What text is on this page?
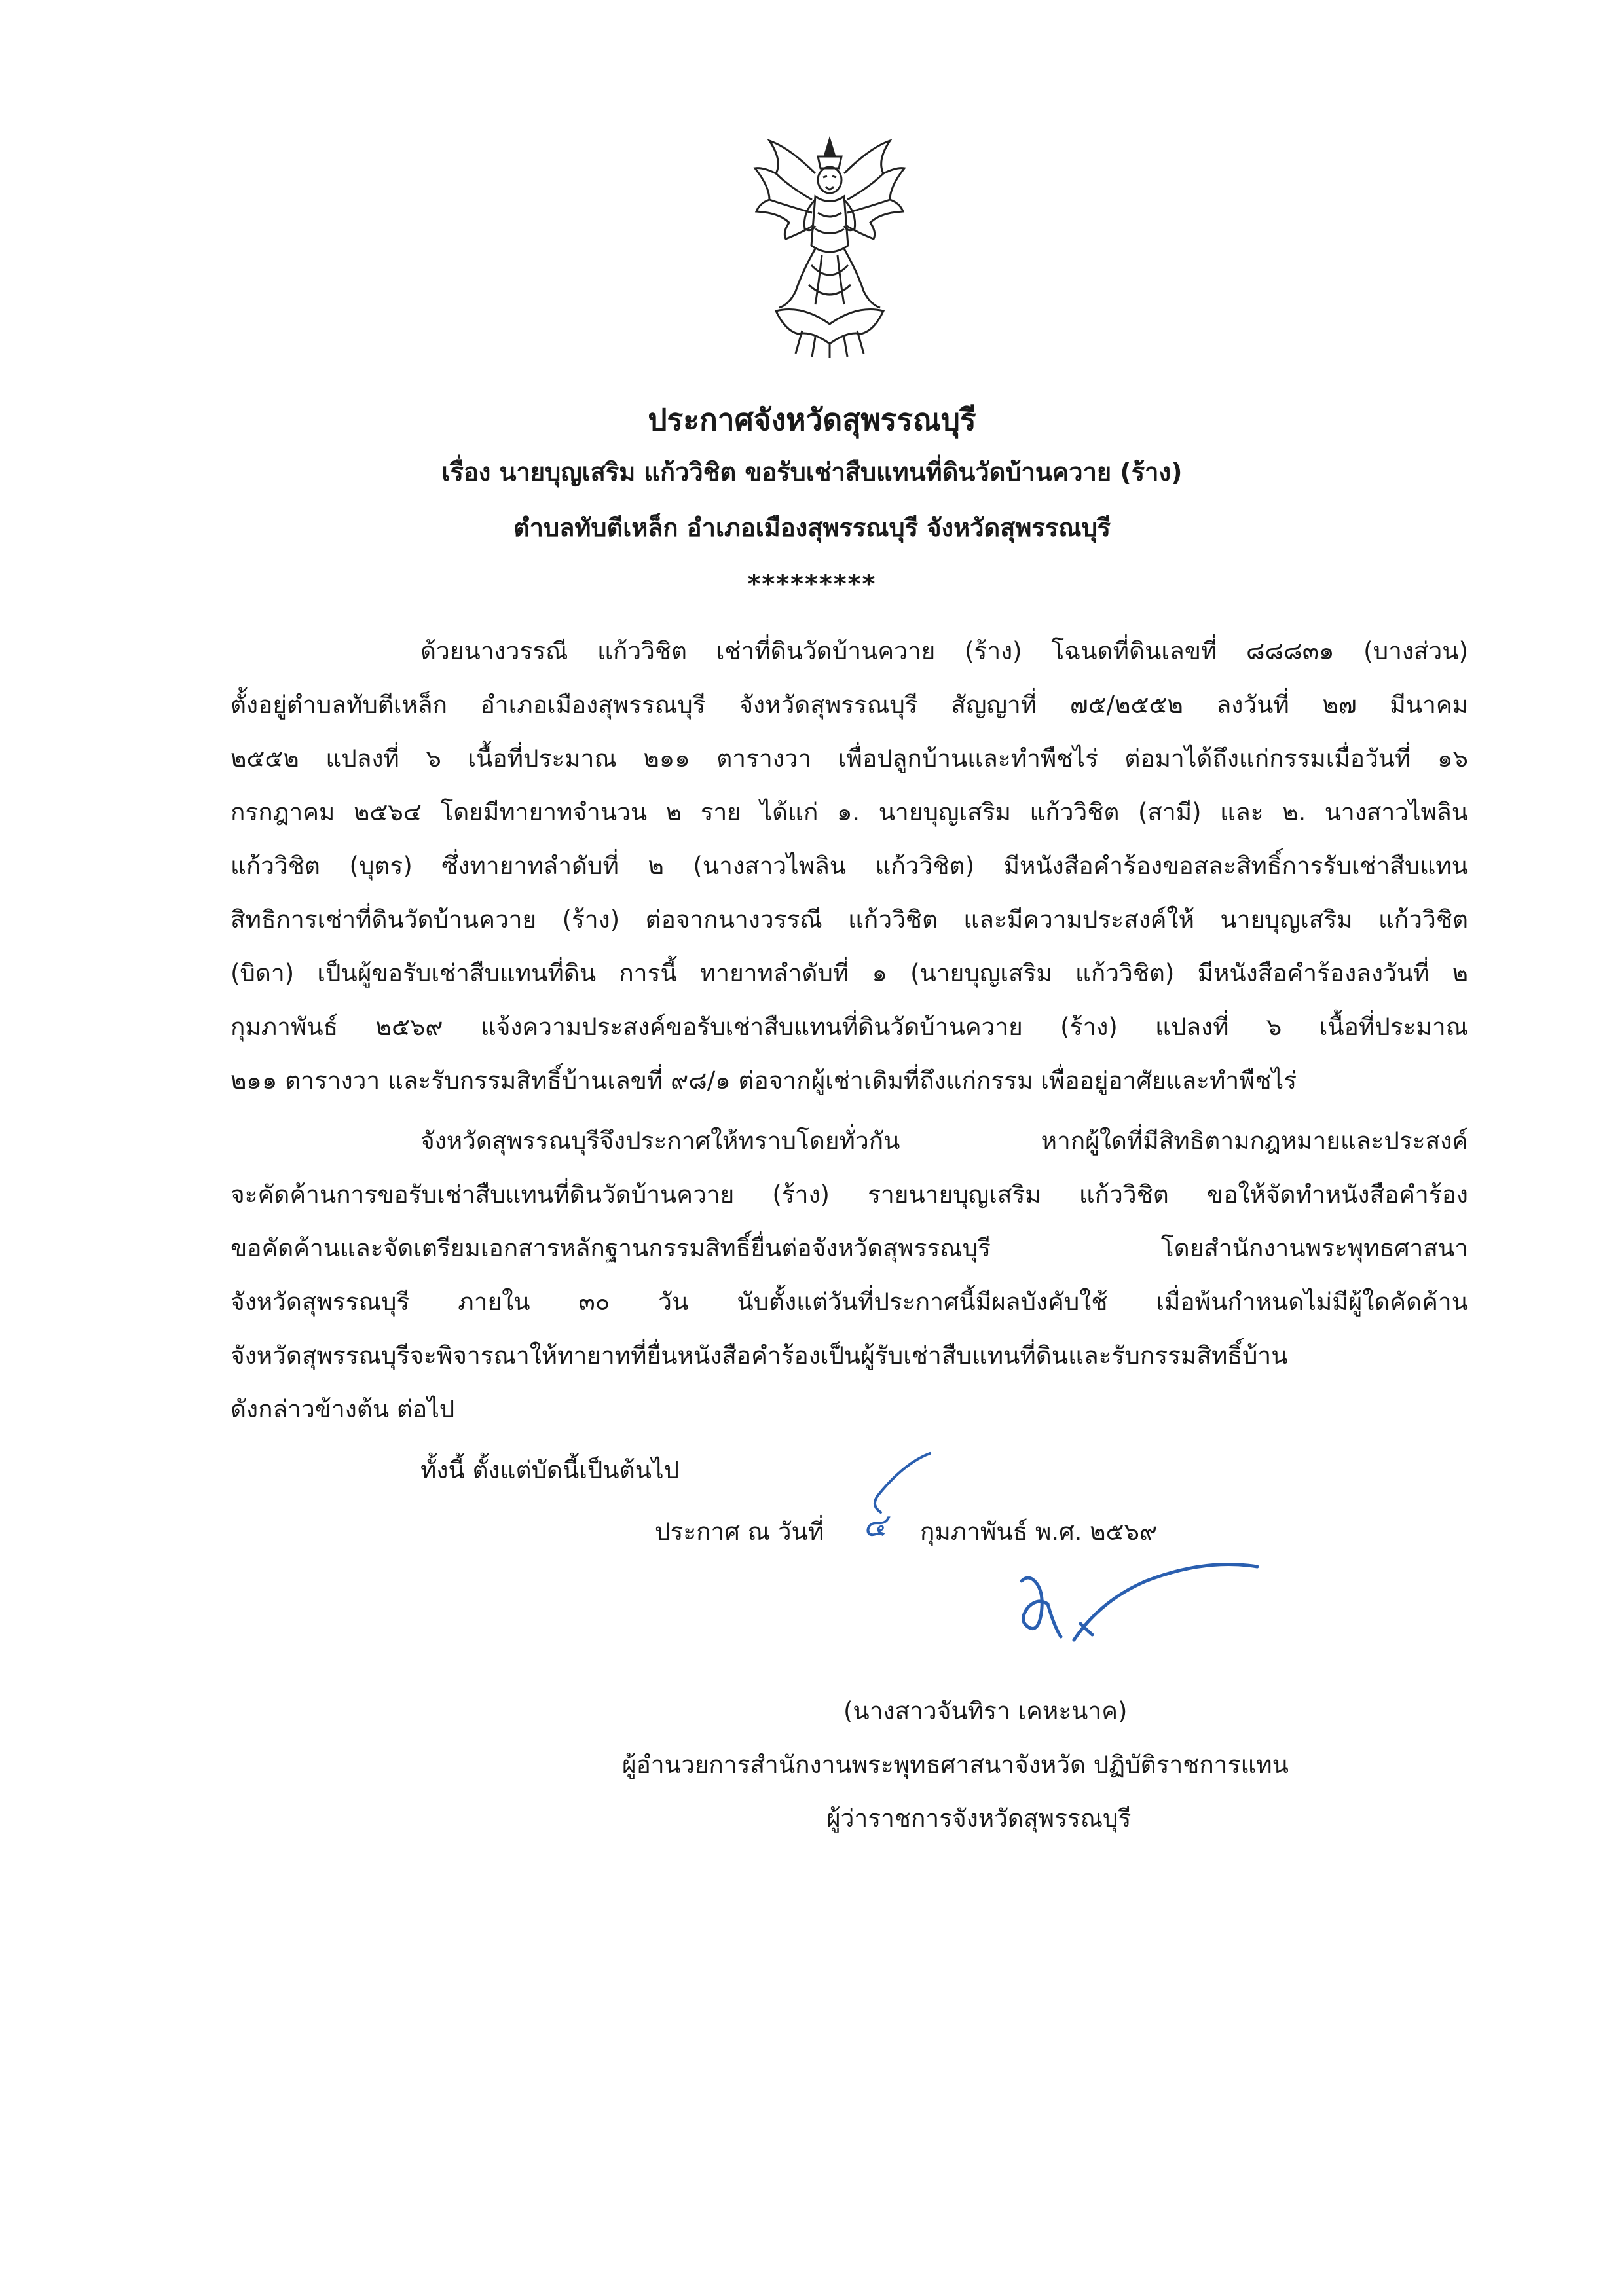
ประกาศจังหวัดสุพรรณบุรี
เรื่อง นายบุญเสริม แก้ววิชิต ขอรับเช่าสืบแทนที่ดินวัดบ้านควาย (ร้าง)
ตำบลทับตีเหล็ก อำเภอเมืองสุพรรณบุรี จังหวัดสุพรรณบุรี
*********
ด้วยนางวรรณี แก้ววิชิต เช่าที่ดินวัดบ้านควาย (ร้าง) โฉนดที่ดินเลขที่ ๘๘๘๓๑ (บางส่วน)
ตั้งอยู่ตำบลทับตีเหล็ก อำเภอเมืองสุพรรณบุรี จังหวัดสุพรรณบุรี สัญญาที่ ๗๕/๒๕๕๒ ลงวันที่ ๒๗ มีนาคม
๒๕๕๒ แปลงที่ ๖ เนื้อที่ประมาณ ๒๑๑ ตารางวา เพื่อปลูกบ้านและทำพืชไร่ ต่อมาได้ถึงแก่กรรมเมื่อวันที่ ๑๖
กรกฎาคม ๒๕๖๔ โดยมีทายาทจำนวน ๒ ราย ได้แก่ ๑. นายบุญเสริม แก้ววิชิต (สามี) และ ๒. นางสาวไพลิน
แก้ววิชิต (บุตร) ซึ่งทายาทลำดับที่ ๒ (นางสาวไพลิน แก้ววิชิต) มีหนังสือคำร้องขอสละสิทธิ์การรับเช่าสืบแทน
สิทธิการเช่าที่ดินวัดบ้านควาย (ร้าง) ต่อจากนางวรรณี แก้ววิชิต และมีความประสงค์ให้ นายบุญเสริม แก้ววิชิต
(บิดา) เป็นผู้ขอรับเช่าสืบแทนที่ดิน การนี้ ทายาทลำดับที่ ๑ (นายบุญเสริม แก้ววิชิต) มีหนังสือคำร้องลงวันที่ ๒
กุมภาพันธ์ ๒๕๖๙ แจ้งความประสงค์ขอรับเช่าสืบแทนที่ดินวัดบ้านควาย (ร้าง) แปลงที่ ๖ เนื้อที่ประมาณ
๒๑๑ ตารางวา และรับกรรมสิทธิ์บ้านเลขที่ ๙๘/๑ ต่อจากผู้เช่าเดิมที่ถึงแก่กรรม เพื่ออยู่อาศัยและทำพืชไร่
จังหวัดสุพรรณบุรีจึงประกาศให้ทราบโดยทั่วกัน หากผู้ใดที่มีสิทธิตามกฎหมายและประสงค์
จะคัดค้านการขอรับเช่าสืบแทนที่ดินวัดบ้านควาย (ร้าง) รายนายบุญเสริม แก้ววิชิต ขอให้จัดทำหนังสือคำร้อง
ขอคัดค้านและจัดเตรียมเอกสารหลักฐานกรรมสิทธิ์ยื่นต่อจังหวัดสุพรรณบุรี โดยสำนักงานพระพุทธศาสนา
จังหวัดสุพรรณบุรี ภายใน ๓๐ วัน นับตั้งแต่วันที่ประกาศนี้มีผลบังคับใช้ เมื่อพ้นกำหนดไม่มีผู้ใดคัดค้าน
จังหวัดสุพรรณบุรีจะพิจารณาให้ทายาทที่ยื่นหนังสือคำร้องเป็นผู้รับเช่าสืบแทนที่ดินและรับกรรมสิทธิ์บ้าน
ดังกล่าวข้างต้น ต่อไป
ทั้งนี้ ตั้งแต่บัดนี้เป็นต้นไป
ประกาศ ณ วันที่ ๔ กุมภาพันธ์ พ.ศ. ๒๕๖๙
(นางสาวจันทิรา เคหะนาค)
ผู้อำนวยการสำนักงานพระพุทธศาสนาจังหวัด ปฏิบัติราชการแทน
ผู้ว่าราชการจังหวัดสุพรรณบุรี
